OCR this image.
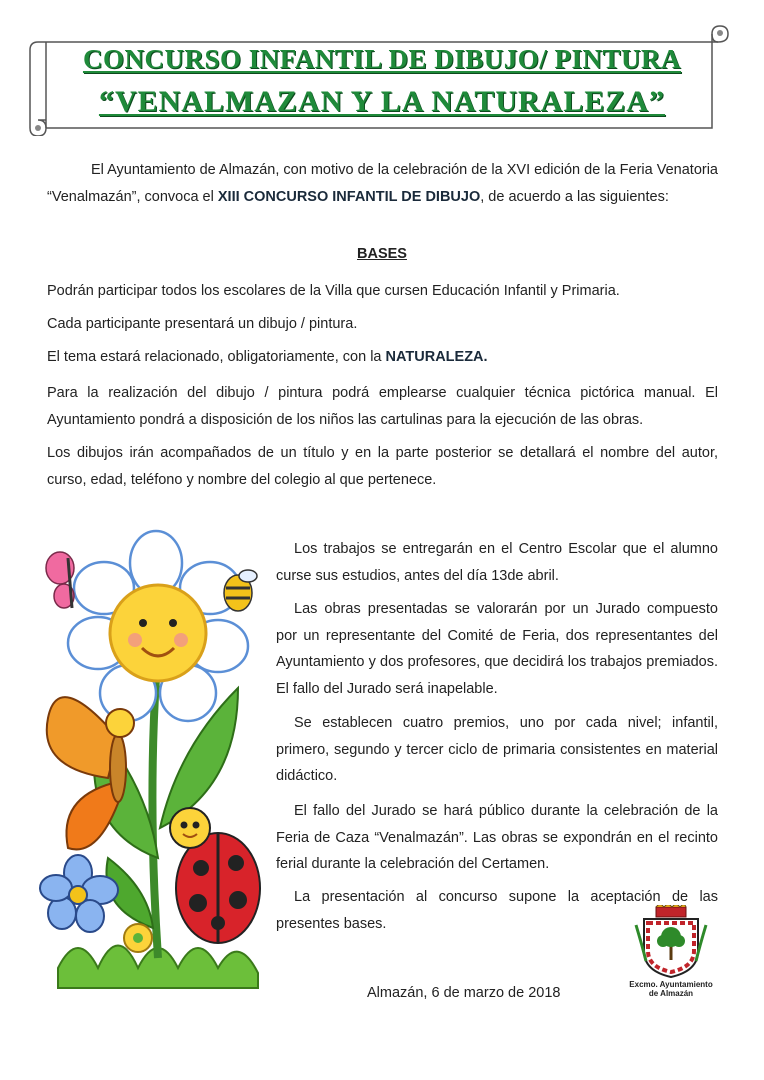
CONCURSO INFANTIL DE DIBUJO/ PINTURA
“VENALMAZAN Y LA NATURALEZA”

El Ayuntamiento de Almazán, con motivo de la celebración de la XVI edición de la Feria Venatoria “Venalmazán”, convoca el XIII CONCURSO INFANTIL DE DIBUJO, de acuerdo a las siguientes:

BASES

Podrán participar todos los escolares de la Villa que cursen Educación Infantil y Primaria.

Cada participante presentará un dibujo / pintura.

El tema estará relacionado, obligatoriamente, con la NATURALEZA.

Para la realización del dibujo / pintura podrá emplearse cualquier técnica pictórica manual. El Ayuntamiento pondrá a disposición de los niños las cartulinas para la ejecución de las obras.

Los dibujos irán acompañados de un título y en la parte posterior se detallará el nombre del autor, curso, edad, teléfono y nombre del colegio al que pertenece.

Los trabajos se entregarán en el Centro Escolar que el alumno curse sus estudios, antes del día 13de abril.

Las obras presentadas se valorarán por un Jurado compuesto por un representante del Comité de Feria, dos representantes del Ayuntamiento y dos profesores, que decidirá los trabajos premiados. El fallo del Jurado será inapelable.

Se establecen cuatro premios, uno por cada nivel; infantil, primero, segundo y tercer ciclo de primaria consistentes en material didáctico.

El fallo del Jurado se hará público durante la celebración de la Feria de Caza “Venalmazán”. Las obras se expondrán en el recinto ferial durante la celebración del Certamen.

La presentación al concurso supone la aceptación de las presentes bases.

Almazán, 6 de marzo de 2018
Excmo. Ayuntamiento
de Almazán
